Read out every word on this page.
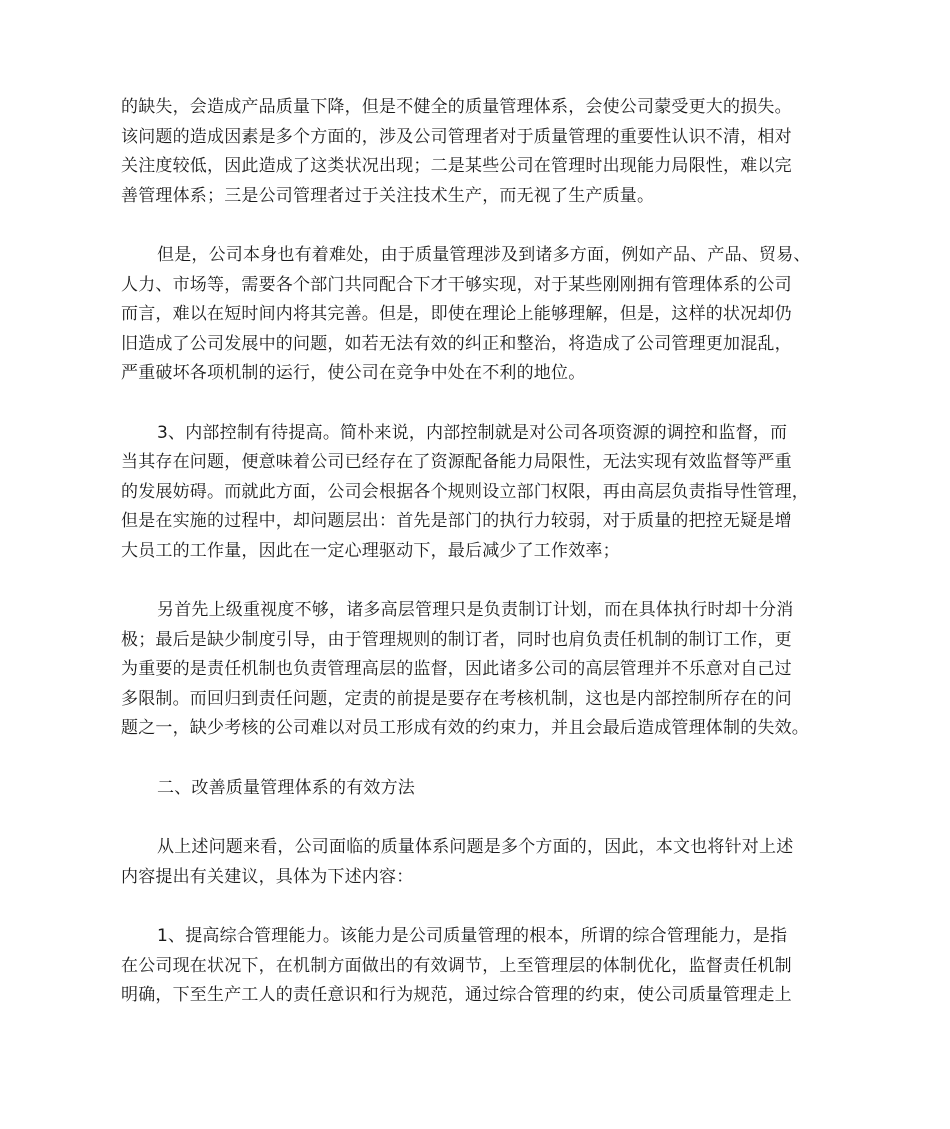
的缺失，会造成产品质量下降，但是不健全的质量管理体系，会使公司蒙受更大的损失。
该问题的造成因素是多个方面的，涉及公司管理者对于质量管理的重要性认识不清，相对
关注度较低，因此造成了这类状况出现；二是某些公司在管理时出现能力局限性，难以完
善管理体系；三是公司管理者过于关注技术生产，而无视了生产质量。
但是，公司本身也有着难处，由于质量管理涉及到诸多方面，例如产品、产品、贸易、
人力、市场等，需要各个部门共同配合下才干够实现，对于某些刚刚拥有管理体系的公司
而言，难以在短时间内将其完善。但是，即使在理论上能够理解，但是，这样的状况却仍
旧造成了公司发展中的问题，如若无法有效的纠正和整治，将造成了公司管理更加混乱，
严重破坏各项机制的运行，使公司在竞争中处在不利的地位。
3、内部控制有待提高。简朴来说，内部控制就是对公司各项资源的调控和监督，而
当其存在问题，便意味着公司已经存在了资源配备能力局限性，无法实现有效监督等严重
的发展妨碍。而就此方面，公司会根据各个规则设立部门权限，再由高层负责指导性管理，
但是在实施的过程中，却问题层出：首先是部门的执行力较弱，对于质量的把控无疑是增
大员工的工作量，因此在一定心理驱动下，最后减少了工作效率；
另首先上级重视度不够，诸多高层管理只是负责制订计划，而在具体执行时却十分消
极；最后是缺少制度引导，由于管理规则的制订者，同时也肩负责任机制的制订工作，更
为重要的是责任机制也负责管理高层的监督，因此诸多公司的高层管理并不乐意对自己过
多限制。而回归到责任问题，定责的前提是要存在考核机制，这也是内部控制所存在的问
题之一，缺少考核的公司难以对员工形成有效的约束力，并且会最后造成管理体制的失效。
二、改善质量管理体系的有效方法
从上述问题来看，公司面临的质量体系问题是多个方面的，因此，本文也将针对上述
内容提出有关建议，具体为下述内容：
1、提高综合管理能力。该能力是公司质量管理的根本，所谓的综合管理能力，是指
在公司现在状况下，在机制方面做出的有效调节，上至管理层的体制优化，监督责任机制
明确，下至生产工人的责任意识和行为规范，通过综合管理的约束，使公司质量管理走上
